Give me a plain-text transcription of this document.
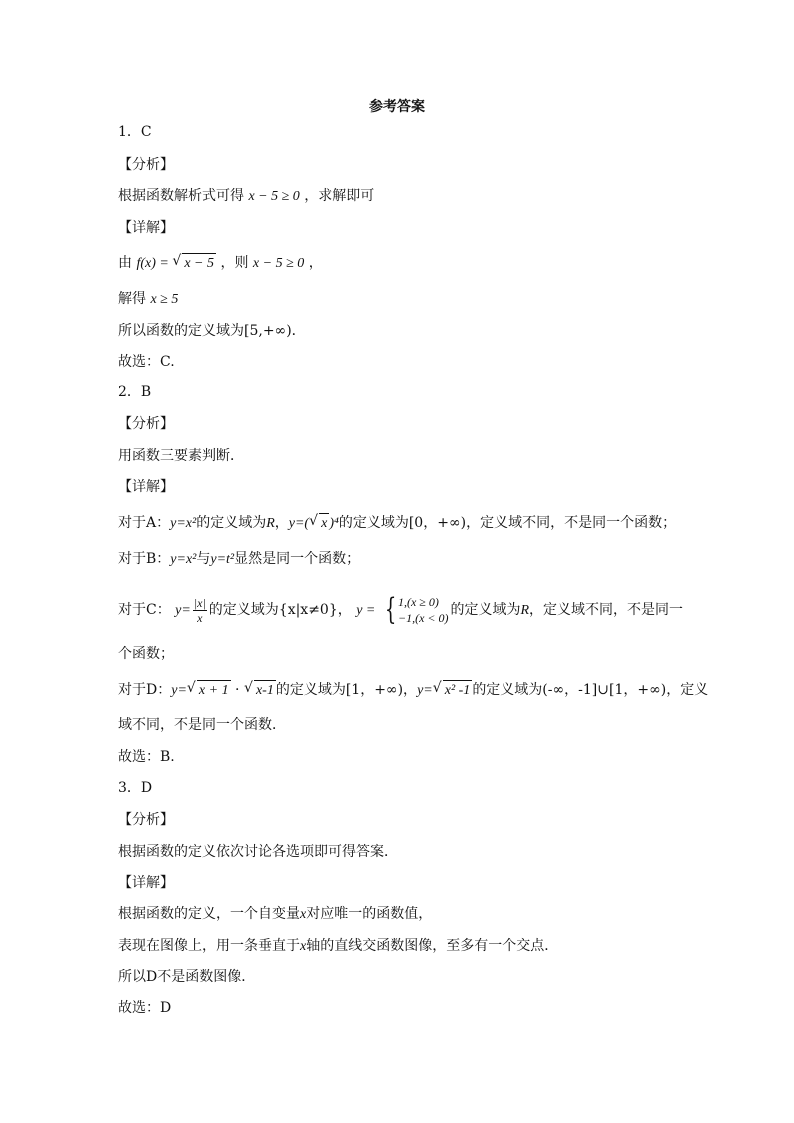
参考答案
1．C
【分析】
根据函数解析式可得 x − 5 ≥ 0 ，求解即可
【详解】
由 f(x) = √ x − 5 ，则 x − 5 ≥ 0 ，
解得 x ≥ 5
所以函数的定义域为[5,+∞)．
故选：C.
2．B
【分析】
用函数三要素判断．
【详解】
对于A：y=x²的定义域为R，y=( √ x )⁴的定义域为[0，+∞)，定义域不同，不是同一个函数；
对于B：y=x²与y=t²显然是同一个函数；
对于C： $y= \frac{|x|}{x}$ 的定义域为{x|x≠0}， y = { 1,(x ≥ 0)
−1,(x < 0) 的定义域为R，定义域不同，不是同一
个函数；
对于D：y= √ x + 1 · √ x-1 的定义域为[1，+∞)，y= √ x² -1 的定义域为(-∞，-1]∪[1，+∞)，定义
域不同，不是同一个函数．
故选：B.
3．D
【分析】
根据函数的定义依次讨论各选项即可得答案．
【详解】
根据函数的定义，一个自变量x对应唯一的函数值，
表现在图像上，用一条垂直于x轴的直线交函数图像，至多有一个交点．
所以D不是函数图像．
故选：D
